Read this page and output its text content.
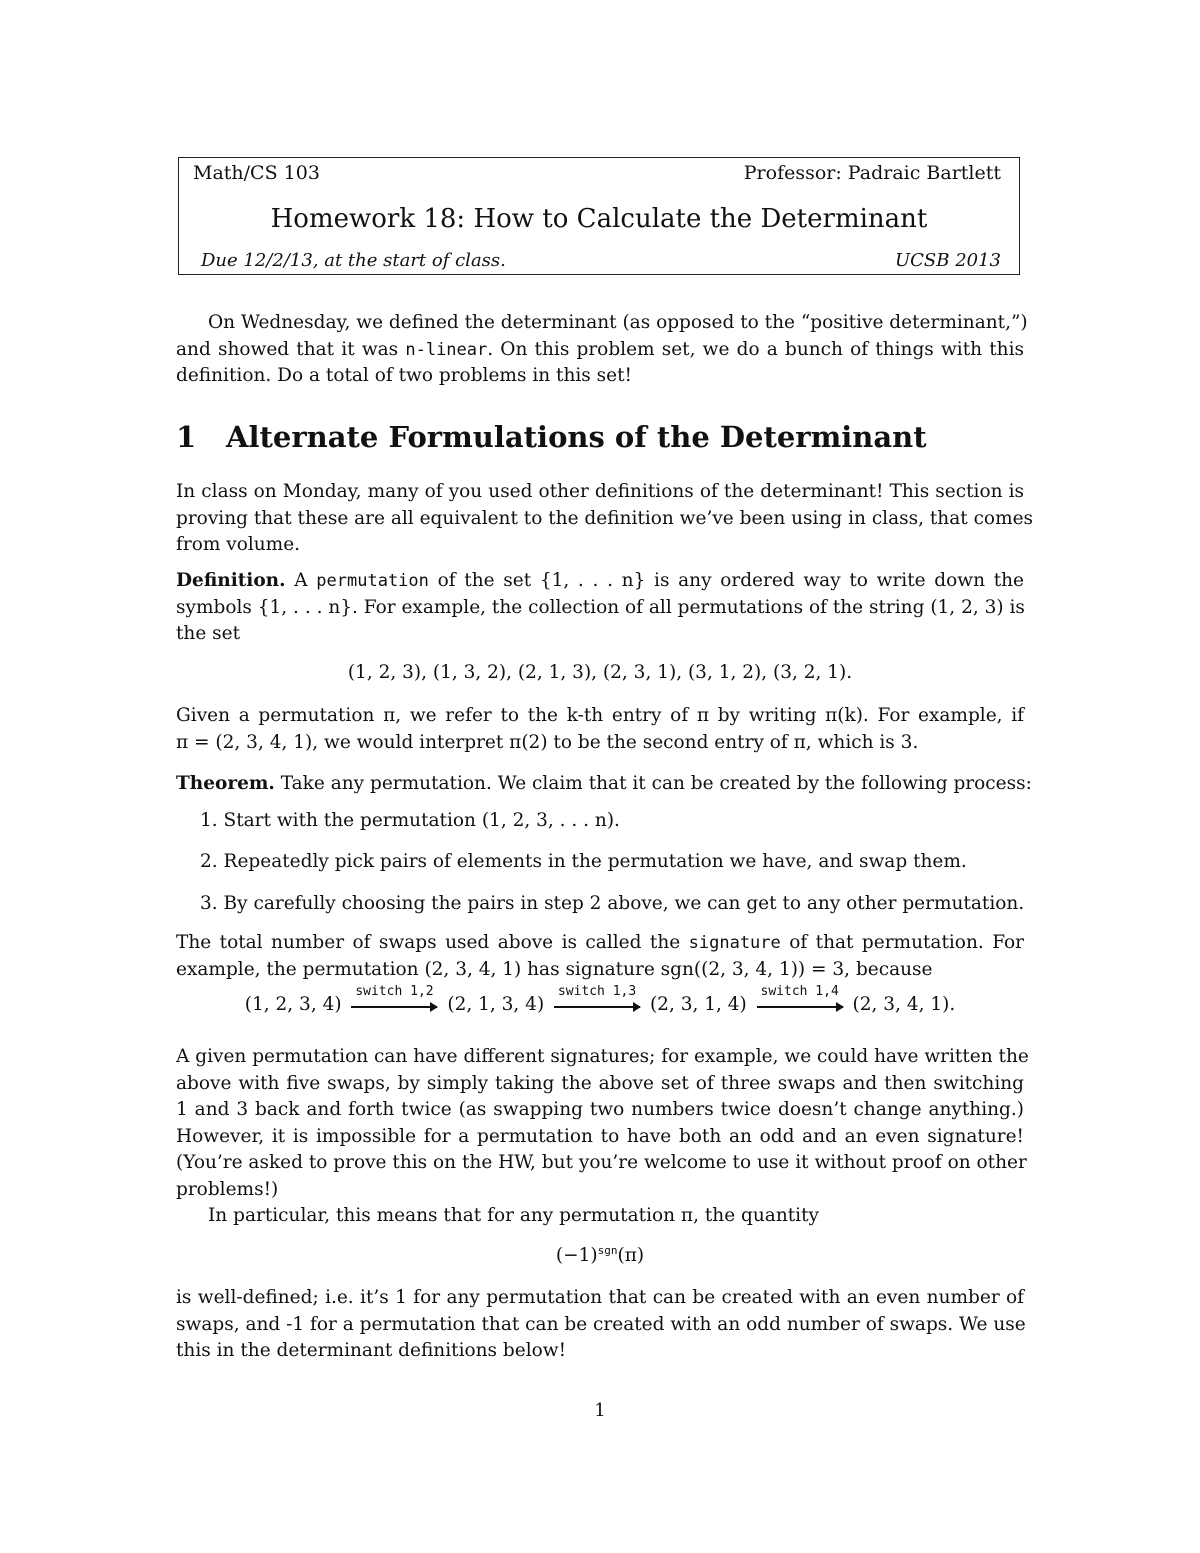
Math/CS 103	Professor: Padraic Bartlett
Homework 18: How to Calculate the Determinant
Due 12/2/13, at the start of class.	UCSB 2013
On Wednesday, we defined the determinant (as opposed to the “positive determinant,”)
and showed that it was n-linear. On this problem set, we do a bunch of things with this
definition. Do a total of two problems in this set!
1 Alternate Formulations of the Determinant
In class on Monday, many of you used other definitions of the determinant! This section is
proving that these are all equivalent to the definition we’ve been using in class, that comes
from volume.
Definition. A permutation of the set {1, . . . n} is any ordered way to write down the
symbols {1, . . . n}. For example, the collection of all permutations of the string (1, 2, 3) is
the set
(1, 2, 3), (1, 3, 2), (2, 1, 3), (2, 3, 1), (3, 1, 2), (3, 2, 1).
Given a permutation π, we refer to the k-th entry of π by writing π(k). For example, if
π = (2, 3, 4, 1), we would interpret π(2) to be the second entry of π, which is 3.
Theorem. Take any permutation. We claim that it can be created by the following process:
1. Start with the permutation (1, 2, 3, . . . n).
2. Repeatedly pick pairs of elements in the permutation we have, and swap them.
3. By carefully choosing the pairs in step 2 above, we can get to any other permutation.
The total number of swaps used above is called the signature of that permutation. For
example, the permutation (2, 3, 4, 1) has signature sgn((2, 3, 4, 1)) = 3, because
(1, 2, 3, 4)
switch 1,2
(2, 1, 3, 4)
switch 1,3
(2, 3, 1, 4)
switch 1,4
(2, 3, 4, 1).
A given permutation can have different signatures; for example, we could have written the
above with five swaps, by simply taking the above set of three swaps and then switching
1 and 3 back and forth twice (as swapping two numbers twice doesn’t change anything.)
However, it is impossible for a permutation to have both an odd and an even signature!
(You’re asked to prove this on the HW, but you’re welcome to use it without proof on other
problems!)
In particular, this means that for any permutation π, the quantity
$(-1)^{sgn}(\pi)$
is well-defined; i.e. it’s 1 for any permutation that can be created with an even number of
swaps, and -1 for a permutation that can be created with an odd number of swaps. We use
this in the determinant definitions below!
1
